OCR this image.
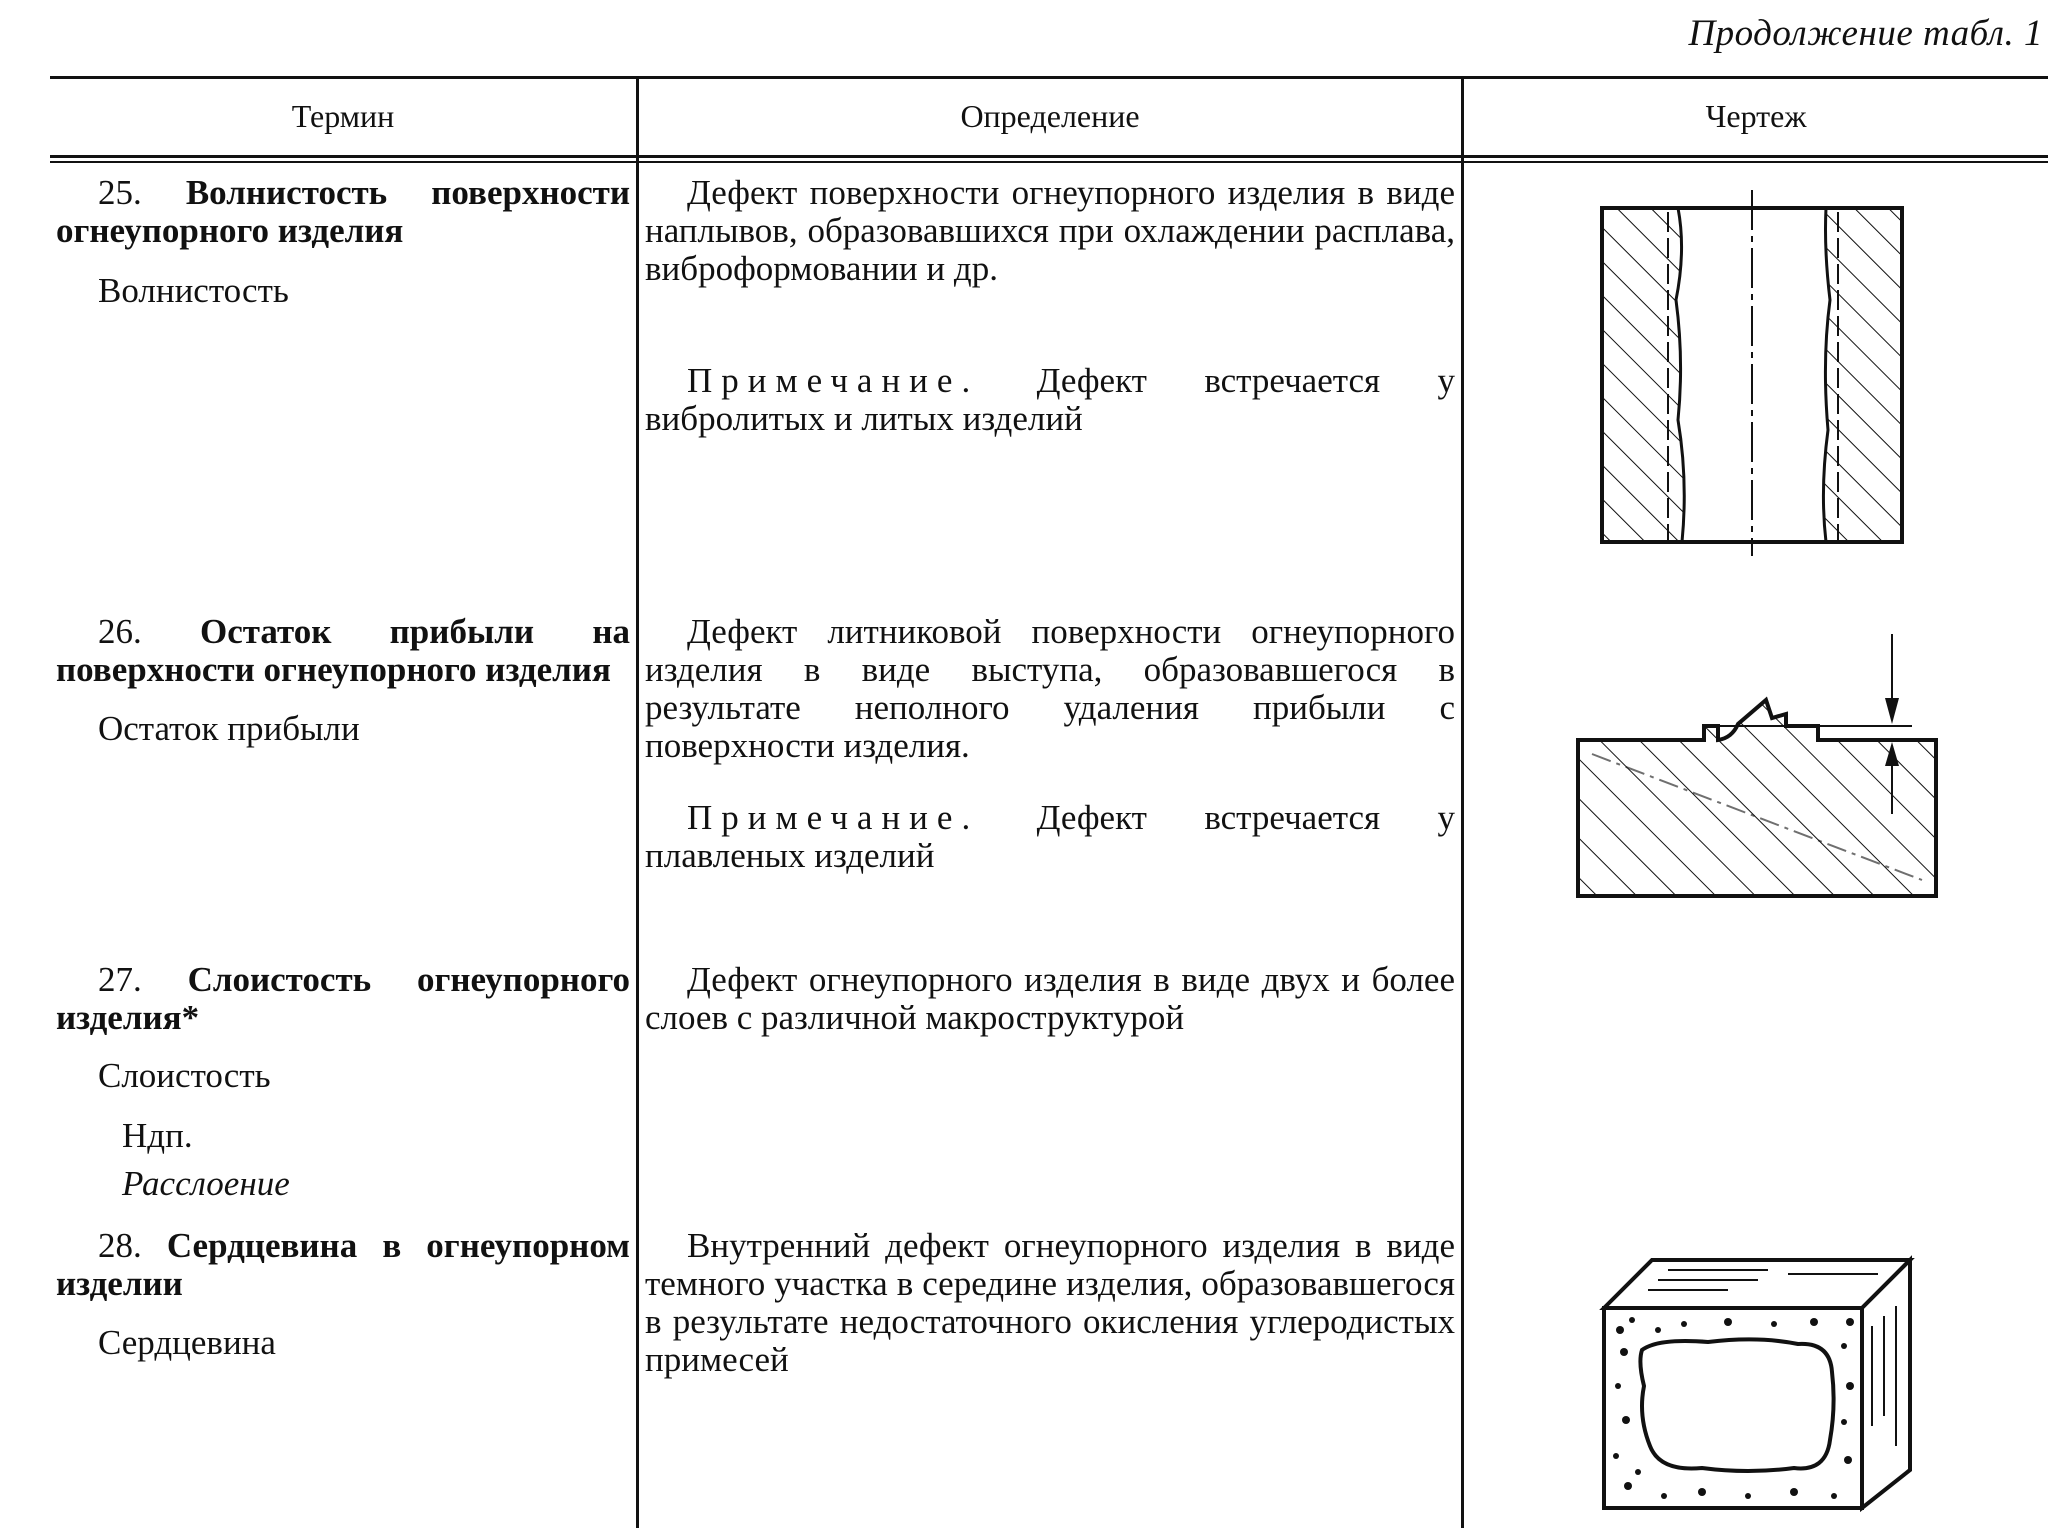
Продолжение табл. 1
Термин	Определение	Чертеж
25. Волнистость поверхности огнеупорного изделия
Волнистость
Дефект поверхности огнеупорного изделия в виде наплывов, образовавшихся при охлаждении расплава, виброформовании и др.
Примечание. Дефект встречается у вибролитых и литых изделий
26. Остаток прибыли на поверхности огнеупорного изделия
Остаток прибыли
Дефект литниковой поверхности огнеупорного изделия в виде выступа, образовавшегося в результате неполного удаления прибыли с поверхности изделия.
Примечание. Дефект встречается у плавленых изделий
27. Слоистость огнеупорного изделия*
Слоистость
Ндп.
Расслоение
Дефект огнеупорного изделия в виде двух и более слоев с различной макроструктурой
28. Сердцевина в огнеупорном изделии
Сердцевина
Внутренний дефект огнеупорного изделия в виде темного участка в середине изделия, образовавшегося в результате недостаточного окисления углеродистых примесей
